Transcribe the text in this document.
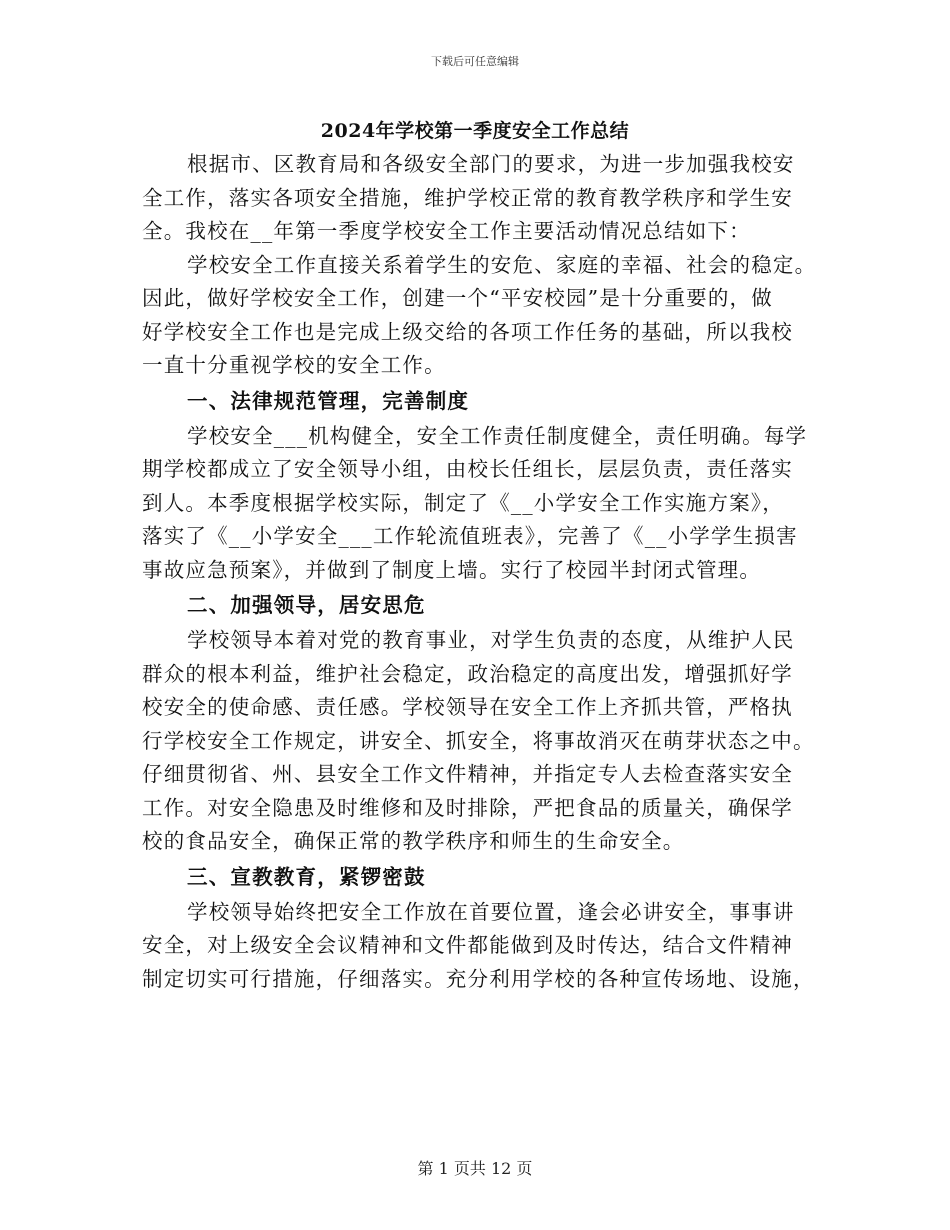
下载后可任意编辑
2024年学校第一季度安全工作总结
根据市、区教育局和各级安全部门的要求，为进一步加强我校安
全工作，落实各项安全措施，维护学校正常的教育教学秩序和学生安
全。我校在__年第一季度学校安全工作主要活动情况总结如下：
学校安全工作直接关系着学生的安危、家庭的幸福、社会的稳定。
因此，做好学校安全工作，创建一个“平安校园”是十分重要的，做
好学校安全工作也是完成上级交给的各项工作任务的基础，所以我校
一直十分重视学校的安全工作。
一、法律规范管理，完善制度
学校安全___机构健全，安全工作责任制度健全，责任明确。每学
期学校都成立了安全领导小组，由校长任组长，层层负责，责任落实
到人。本季度根据学校实际，制定了《__小学安全工作实施方案》，
落实了《__小学安全___工作轮流值班表》，完善了《__小学学生损害
事故应急预案》，并做到了制度上墙。实行了校园半封闭式管理。
二、加强领导，居安思危
学校领导本着对党的教育事业，对学生负责的态度，从维护人民
群众的根本利益，维护社会稳定，政治稳定的高度出发，增强抓好学
校安全的使命感、责任感。学校领导在安全工作上齐抓共管，严格执
行学校安全工作规定，讲安全、抓安全，将事故消灭在萌芽状态之中。
仔细贯彻省、州、县安全工作文件精神，并指定专人去检查落实安全
工作。对安全隐患及时维修和及时排除，严把食品的质量关，确保学
校的食品安全，确保正常的教学秩序和师生的生命安全。
三、宣教教育，紧锣密鼓
学校领导始终把安全工作放在首要位置，逢会必讲安全，事事讲
安全，对上级安全会议精神和文件都能做到及时传达，结合文件精神
制定切实可行措施，仔细落实。充分利用学校的各种宣传场地、设施，
第 1 页共 12 页
